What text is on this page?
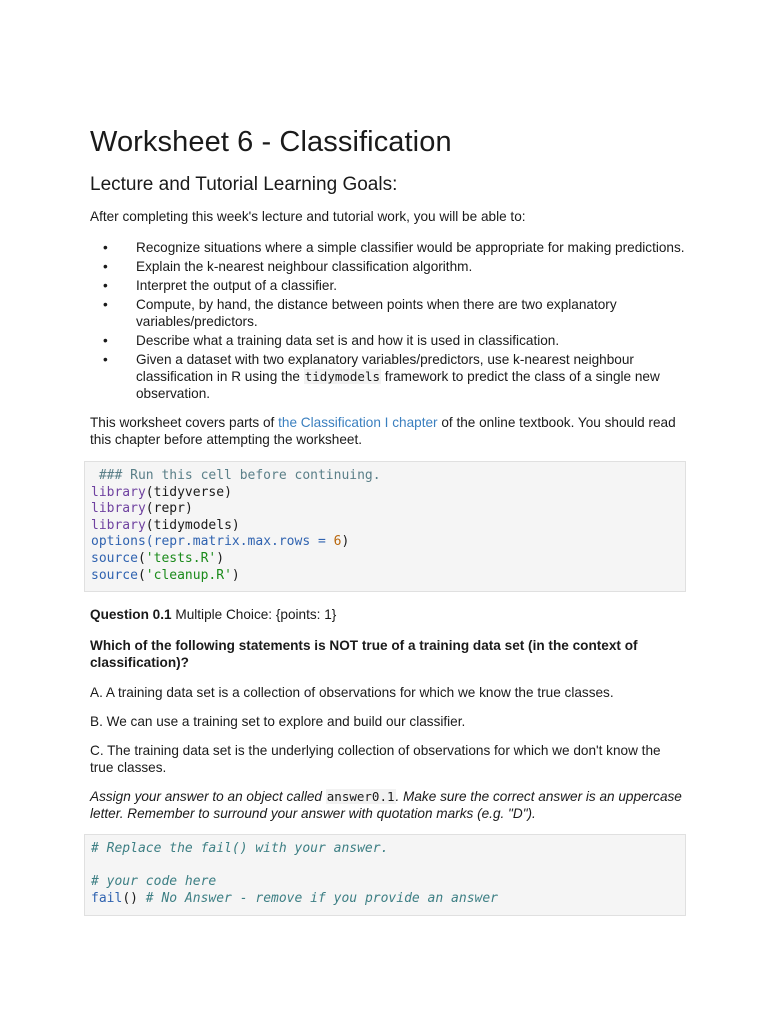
Worksheet 6 - Classification
Lecture and Tutorial Learning Goals:

After completing this week's lecture and tutorial work, you will be able to:

• Recognize situations where a simple classifier would be appropriate for making predictions.
• Explain the k-nearest neighbour classification algorithm.
• Interpret the output of a classifier.
• Compute, by hand, the distance between points when there are two explanatory variables/predictors.
• Describe what a training data set is and how it is used in classification.
• Given a dataset with two explanatory variables/predictors, use k-nearest neighbour classification in R using the tidymodels framework to predict the class of a single new observation.

This worksheet covers parts of the Classification I chapter of the online textbook. You should read this chapter before attempting the worksheet.

### Run this cell before continuing.
library(tidyverse)
library(repr)
library(tidymodels)
options(repr.matrix.max.rows = 6)
source('tests.R')
source('cleanup.R')

Question 0.1 Multiple Choice: {points: 1}

Which of the following statements is NOT true of a training data set (in the context of classification)?

A. A training data set is a collection of observations for which we know the true classes.

B. We can use a training set to explore and build our classifier.

C. The training data set is the underlying collection of observations for which we don't know the true classes.

Assign your answer to an object called answer0.1. Make sure the correct answer is an uppercase letter. Remember to surround your answer with quotation marks (e.g. "D").

# Replace the fail() with your answer.

# your code here
fail() # No Answer - remove if you provide an answer
